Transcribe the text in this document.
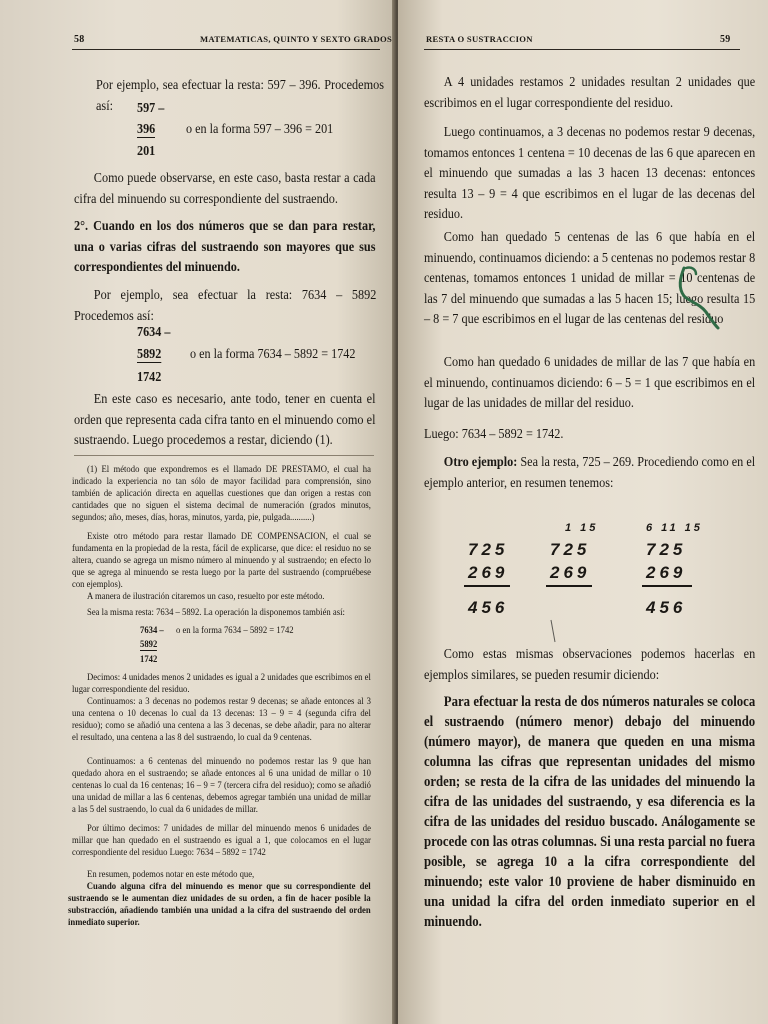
58	MATEMATICAS, QUINTO Y SEXTO GRADOS
Por ejemplo, sea efectuar la resta: 597 – 396. Procedemos así:	597 –
396
201
o en la forma 597 – 396 = 201
Como puede observarse, en este caso, basta restar a cada cifra del minuendo su correspondiente del sustraendo.
2°. Cuando en los dos números que se dan para restar, una o varias cifras del sustraendo son mayores que sus correspondientes del minuendo.
Por ejemplo, sea efectuar la resta: 7634 – 5892 Procedemos así:
7634 –
5892
1742
o en la forma 7634 – 5892 = 1742
En este caso es necesario, ante todo, tener en cuenta el orden que representa cada cifra tanto en el minuendo como el sustraendo. Luego procedemos a restar, diciendo (1).
(1) El método que expondremos es el llamado DE PRESTAMO, el cual ha indicado la experiencia no tan sólo de mayor facilidad para comprensión, sino también de aplicación directa en aquellas cuestiones que dan origen a restas con cantidades que no siguen el sistema decimal de numeración (grados minutos, segundos; año, meses, días, horas, minutos, yarda, pie, pulgada..........)
Existe otro método para restar llamado DE COMPENSACION, el cual se fundamenta en la propiedad de la resta, fácil de explicarse, que dice: el residuo no se altera, cuando se agrega un mismo número al minuendo y al sustraendo; en efecto lo que se agrega al minuendo se resta luego por la parte del sustraendo (compruébese con ejemplos).
A manera de ilustración citaremos un caso, resuelto por este método.
Sea la misma resta: 7634 – 5892. La operación la disponemos también así:
7634 –
5892
1742
o en la forma 7634 – 5892 = 1742
Decimos: 4 unidades menos 2 unidades es igual a 2 unidades que escribimos en el lugar correspondiente del residuo.
Continuamos: a 3 decenas no podemos restar 9 decenas; se añade entonces al 3 una centena o 10 decenas lo cual da 13 decenas: 13 – 9 = 4 (segunda cifra del residuo); como se añadió una centena a las 3 decenas, se debe añadir, para no alterar el resultado, una centena a las 8 del sustraendo, lo cual da 9 centenas.
Continuamos: a 6 centenas del minuendo no podemos restar las 9 que han quedado ahora en el sustraendo; se añade entonces al 6 una unidad de millar o 10 centenas lo cual da 16 centenas; 16 – 9 = 7 (tercera cifra del residuo); como se añadió una unidad de millar a las 6 centenas, debemos agregar también una unidad de millar a las 5 del sustraendo, lo cual da 6 unidades de millar.
Por último decimos: 7 unidades de millar del minuendo menos 6 unidades de millar que han quedado en el sustraendo es igual a 1, que colocamos en el lugar correspondiente del residuo Luego: 7634 – 5892 = 1742
En resumen, podemos notar en este método que,
Cuando alguna cifra del minuendo es menor que su correspondiente del sustraendo se le aumentan diez unidades de su orden, a fin de hacer posible la substracción, añadiendo también una unidad a la cifra del sustraendo del orden inmediato superior.
RESTA O SUSTRACCION	59
A 4 unidades restamos 2 unidades resultan 2 unidades que escribimos en el lugar correspondiente del residuo.
Luego continuamos, a 3 decenas no podemos restar 9 decenas, tomamos entonces 1 centena = 10 decenas de las 6 que aparecen en el minuendo que sumadas a las 3 hacen 13 decenas: entonces resulta 13 – 9 = 4 que escribimos en el lugar de las decenas del residuo.
Como han quedado 5 centenas de las 6 que había en el minuendo, continuamos diciendo: a 5 centenas no podemos restar 8 centenas, tomamos entonces 1 unidad de millar = 10 centenas de las 7 del minuendo que sumadas a las 5 hacen 15; luego resulta 15 – 8 = 7 que escribimos en el lugar de las centenas del residuo
Como han quedado 6 unidades de millar de las 7 que había en el minuendo, continuamos diciendo: 6 – 5 = 1 que escribimos en el lugar de las unidades de millar del residuo.
Luego: 7634 – 5892 = 1742.
Otro ejemplo: Sea la resta, 725 – 269. Procediendo como en el ejemplo anterior, en resumen tenemos:
725
269
456
1 15
725
269
6 11 15
725
269
456
Como estas mismas observaciones podemos hacerlas en ejemplos similares, se pueden resumir diciendo:
Para efectuar la resta de dos números naturales se coloca el sustraendo (número menor) debajo del minuendo (número mayor), de manera que queden en una misma columna las cifras que representan unidades del mismo orden; se resta de la cifra de las unidades del minuendo la cifra de las unidades del sustraendo, y esa diferencia es la cifra de las unidades del residuo buscado. Análogamente se procede con las otras columnas. Si una resta parcial no fuera posible, se agrega 10 a la cifra correspondiente del minuendo; este valor 10 proviene de haber disminuido en una unidad la cifra del orden inmediato superior en el minuendo.
